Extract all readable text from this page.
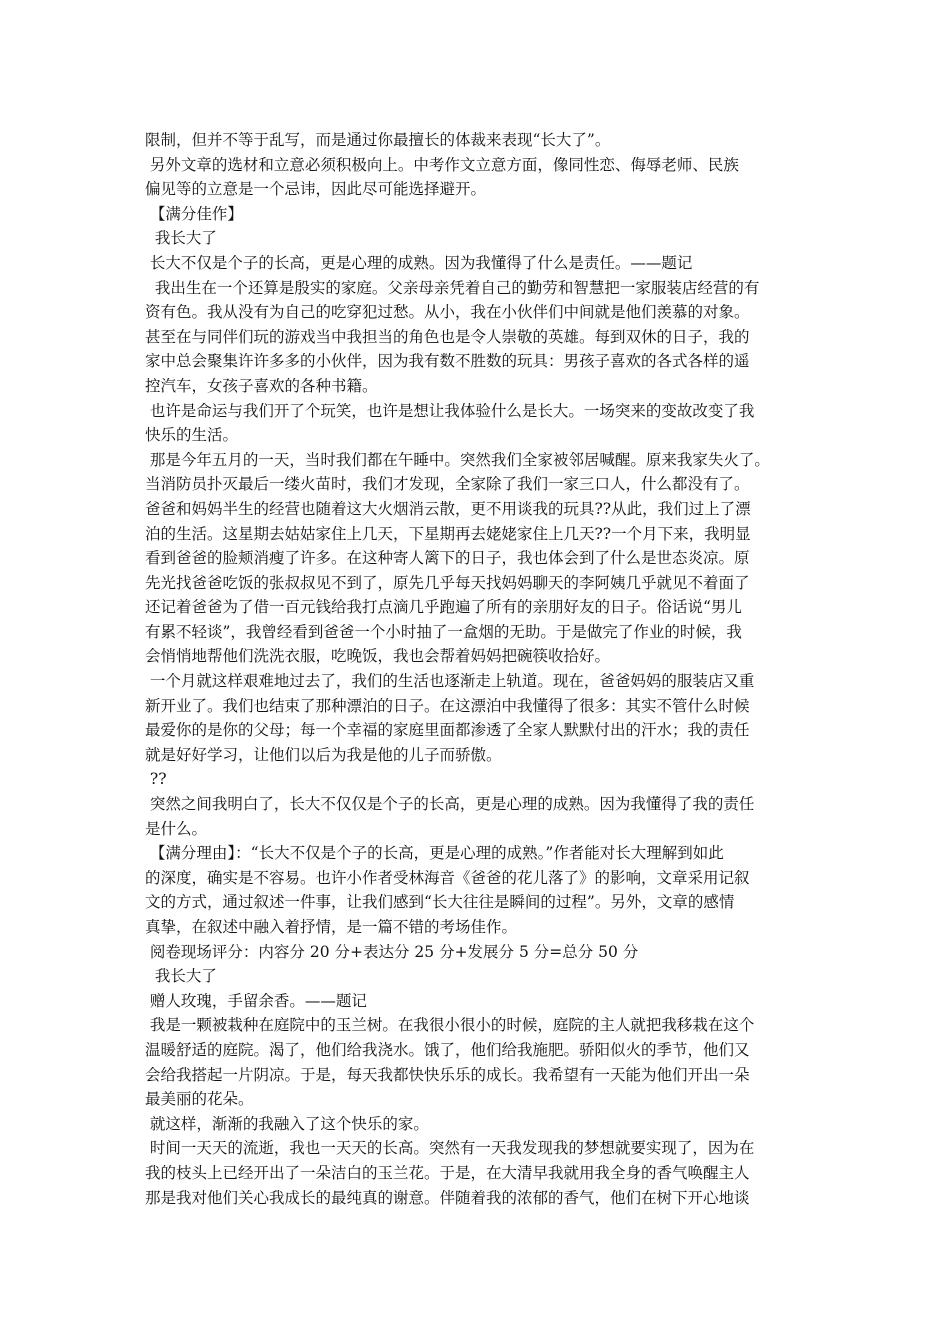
限制，但并不等于乱写，而是通过你最擅长的体裁来表现“长大了”。
另外文章的选材和立意必须积极向上。中考作文立意方面，像同性恋、侮辱老师、民族
偏见等的立意是一个忌讳，因此尽可能选择避开。
【满分佳作】
我长大了
长大不仅是个子的长高，更是心理的成熟。因为我懂得了什么是责任。——题记
我出生在一个还算是殷实的家庭。父亲母亲凭着自己的勤劳和智慧把一家服装店经营的有
资有色。我从没有为自己的吃穿犯过愁。从小，我在小伙伴们中间就是他们羡慕的对象。
甚至在与同伴们玩的游戏当中我担当的角色也是令人崇敬的英雄。每到双休的日子，我的
家中总会聚集许许多多的小伙伴，因为我有数不胜数的玩具：男孩子喜欢的各式各样的遥
控汽车，女孩子喜欢的各种书籍。
也许是命运与我们开了个玩笑，也许是想让我体验什么是长大。一场突来的变故改变了我
快乐的生活。
那是今年五月的一天，当时我们都在午睡中。突然我们全家被邻居喊醒。原来我家失火了。
当消防员扑灭最后一缕火苗时，我们才发现，全家除了我们一家三口人，什么都没有了。
爸爸和妈妈半生的经营也随着这大火烟消云散，更不用谈我的玩具??从此，我们过上了漂
泊的生活。这星期去姑姑家住上几天，下星期再去姥姥家住上几天??一个月下来，我明显
看到爸爸的脸颊消瘦了许多。在这种寄人篱下的日子，我也体会到了什么是世态炎凉。原
先光找爸爸吃饭的张叔叔见不到了，原先几乎每天找妈妈聊天的李阿姨几乎就见不着面了
还记着爸爸为了借一百元钱给我打点滴几乎跑遍了所有的亲朋好友的日子。俗话说“男儿
有累不轻谈”，我曾经看到爸爸一个小时抽了一盒烟的无助。于是做完了作业的时候，我
会悄悄地帮他们洗洗衣服，吃晚饭，我也会帮着妈妈把碗筷收拾好。
一个月就这样艰难地过去了，我们的生活也逐渐走上轨道。现在，爸爸妈妈的服装店又重
新开业了。我们也结束了那种漂泊的日子。在这漂泊中我懂得了很多：其实不管什么时候
最爱你的是你的父母；每一个幸福的家庭里面都渗透了全家人默默付出的汗水；我的责任
就是好好学习，让他们以后为我是他的儿子而骄傲。
??
突然之间我明白了，长大不仅仅是个子的长高，更是心理的成熟。因为我懂得了我的责任
是什么。
【满分理由】：“长大不仅是个子的长高，更是心理的成熟。”作者能对长大理解到如此
的深度，确实是不容易。也许小作者受林海音《爸爸的花儿落了》的影响，文章采用记叙
文的方式，通过叙述一件事，让我们感到“长大往往是瞬间的过程”。另外，文章的感情
真挚，在叙述中融入着抒情，是一篇不错的考场佳作。
阅卷现场评分：内容分 20 分+表达分 25 分+发展分 5 分=总分 50 分
我长大了
赠人玫瑰，手留余香。——题记
我是一颗被栽种在庭院中的玉兰树。在我很小很小的时候，庭院的主人就把我移栽在这个
温暖舒适的庭院。渴了，他们给我浇水。饿了，他们给我施肥。骄阳似火的季节，他们又
会给我搭起一片阴凉。于是，每天我都快快乐乐的成长。我希望有一天能为他们开出一朵
最美丽的花朵。
就这样，渐渐的我融入了这个快乐的家。
时间一天天的流逝，我也一天天的长高。突然有一天我发现我的梦想就要实现了，因为在
我的枝头上已经开出了一朵洁白的玉兰花。于是，在大清早我就用我全身的香气唤醒主人
那是我对他们关心我成长的最纯真的谢意。伴随着我的浓郁的香气，他们在树下开心地谈
